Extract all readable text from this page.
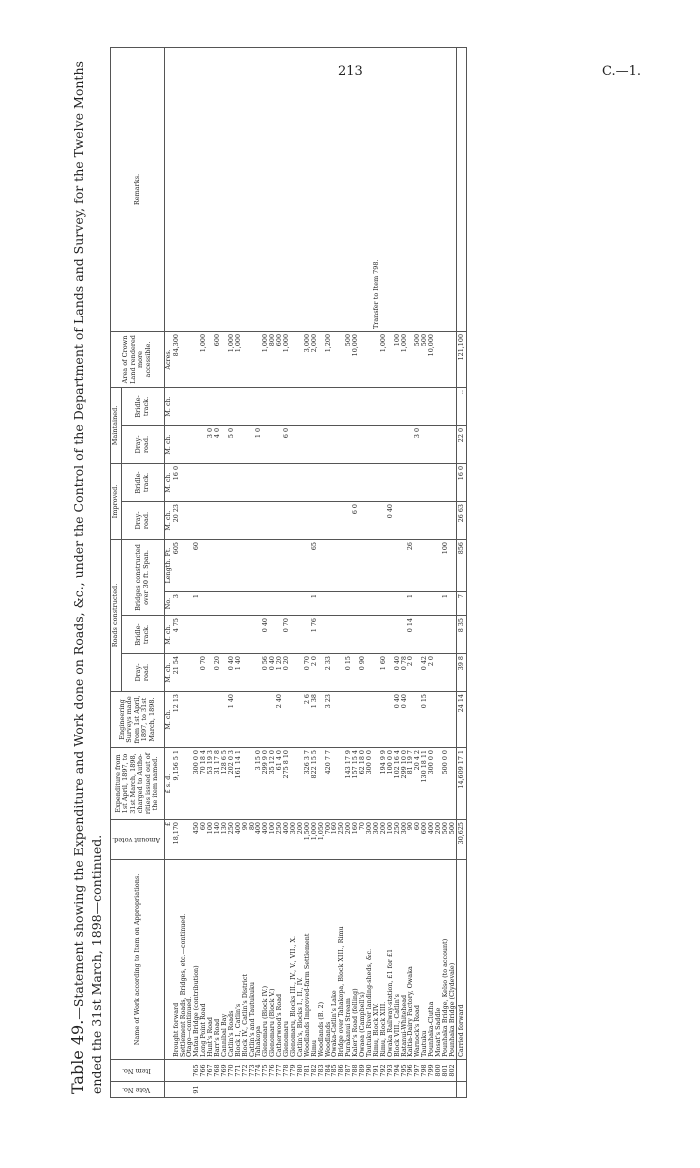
213	C.—1.
Table 49.—Statement showing the Expenditure and Work done on Roads, &c., under the Control of the Department of Lands and Survey, for the Twelve Months ended the 31st March, 1898—continued.	Vote No.	Item No.	Name of Work according to Item on Appropriations.	Amount voted.	Expenditure from 1st April, 1897, to 31st March, 1898, charged to Autho-rities issued out of the item named.	Engineering Surveys made from 1st April, 1897, to 31st March, 1898.	Roads constructed.				Improved.		Maintained.		Area of Crown Land rendered more accessible.	Remarks.
						Dray-road.	Bridle-track.	Bridges constructed over 30 ft. Span.		Dray-road.	Bridle-track.	Dray-road.	Bridle-track.		

			£	£ s. d.	M. ch.	M. ch.	M. ch.	No.	Length. Ft.	M. ch.	M. ch.	M. ch.	M. ch.	Acres.	
		Brought forward	18,170	9,156 5 1	12 13	21 54	4 75	3	605	20 23	16 0			84,300	
		Settlement Roads, Bridges, etc.—continued.													
		Otago—continued.													
91	765	Matau Bridge (contribution)	450	300 0 0				1	60						
	766	Long Point Road	60	70 18 4		0 70								1,000	
	767	Hunt's Road	100	53 19 3								3 0			
	768	Barr's Road	140	31 17 8		0 20						4 0		600	
	769	Cannibal Bay	130	128 6 5											
	770	Catlin's Roads	250	202 0 3	1 40	0 40						5 0		1,000	
	771	Block I., Catlin's	400	161 14 1		1 40								1,000	
	772	Block IV., Catlin's District	90												
	773	Catlin's and Tautukuku	80												
	774	Tahakopa	400	3 15 0								1 0			
	775	Glenomaru (Block IV.)	400	299 9 0		0 56	0 40							1,000	
	776	Glenomaru (Block V.)	100	35 12 0		0 40								800	
	777	Catherwood's Road	250	61 4 0	2 40	1 20								600	
	778	Glenomaru	400	275 8 10		0 20	0 70					6 0		1,000	
	779	Glenomaru, Blocks III., IV., V., VII., X.	300												
	780	Catlin's, Blocks I., II., IV.	200												
	781	Woodlands Improved-farm Settlement	1,500	326 3 7	2 6	0 70								3,000	
	782	Rimu	1,000	822 15 5	1 38	2 0	1 76	1	65					2,000	
	783	Woodlands (B. 2)	1,050												
	784	Woodlands	700	420 7 7	3 23	2 33								1,200	
	785	Owaka-Catlin's Lake	160												
	786	Bridge over Tahakopa, Block XIII., Rimu	250												
	787	Purakanui Stream	200	143 17 9		0 15								500	
	788	Kaler's Road (felling)	160	157 15 4						6 0				10,000	
	789	Owaea (Campbell's)	70	62 18 0		0 90									
	790	Tautuku River landing-sheds, &c.	300	300 0 0											
	791	Rimu, Block XIV.	300												Transfer to Item 798.
	792	Rimu, Block XIII.	200	194 9 9		1 60								1,000	
	793	Owaka Railway-station, £1 for £1	100	100 0 0						0 40					
	794	Block VIII., Catlin's	250	102 16 4	0 40	0 40								100	
	795	Ratanui-Whitehead	300	299 10 0	0 40	0 78								1,000	
	796	Kaitia-Dairy Factory, Owaka	90	81 19 7		2 0	0 14	1	26						
	797	Warnock's Road	60	20 4 2								3 0		500	
	798	Tautuku	600	130 18 11	0 15	0 42								500	
	799	Pounhaka-Clutha	400	300 0 0		2 0								10,000	
	800	Mosat's Saddle	200												
	801	Pounhaka Bridge, Kelso (to account)	500	500 0 0				1	100						
	802	Pounhaka Bridge (Clydevale)	500												
		Carried forward	30,625	14,609 17 1	24 14	39 8	8 35	7	856	26 63	16 0	22 0	..	121,100	
